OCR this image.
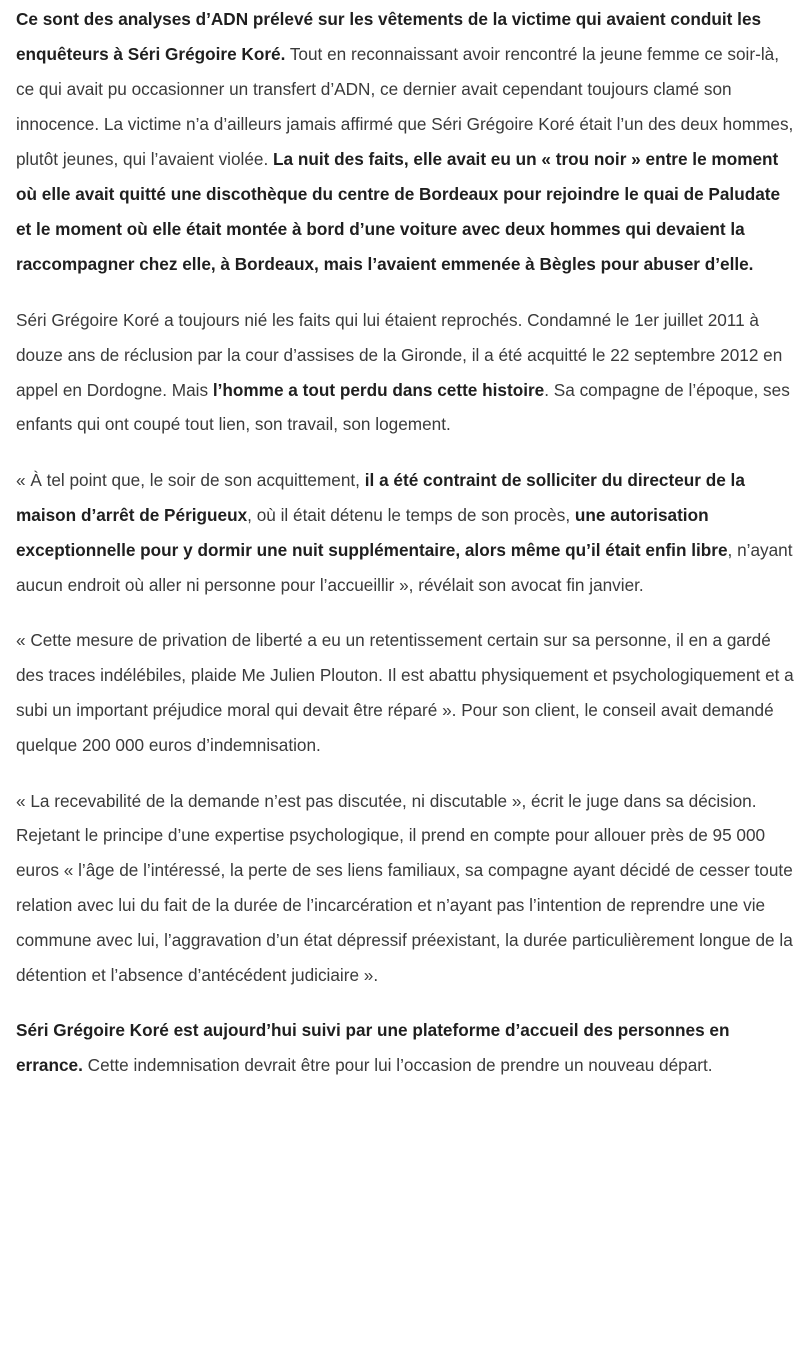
Ce sont des analyses d’ADN prélevé sur les vêtements de la victime qui avaient conduit les enquêteurs à Séri Grégoire Koré. Tout en reconnaissant avoir rencontré la jeune femme ce soir-là, ce qui avait pu occasionner un transfert d’ADN, ce dernier avait cependant toujours clamé son innocence. La victime n’a d’ailleurs jamais affirmé que Séri Grégoire Koré était l’un des deux hommes, plutôt jeunes, qui l’avaient violée. La nuit des faits, elle avait eu un « trou noir » entre le moment où elle avait quitté une discothèque du centre de Bordeaux pour rejoindre le quai de Paludate et le moment où elle était montée à bord d’une voiture avec deux hommes qui devaient la raccompagner chez elle, à Bordeaux, mais l’avaient emmenée à Bègles pour abuser d’elle.

Séri Grégoire Koré a toujours nié les faits qui lui étaient reprochés. Condamné le 1er juillet 2011 à douze ans de réclusion par la cour d’assises de la Gironde, il a été acquitté le 22 septembre 2012 en appel en Dordogne. Mais l’homme a tout perdu dans cette histoire. Sa compagne de l’époque, ses enfants qui ont coupé tout lien, son travail, son logement.

« À tel point que, le soir de son acquittement, il a été contraint de solliciter du directeur de la maison d’arrêt de Périgueux, où il était détenu le temps de son procès, une autorisation exceptionnelle pour y dormir une nuit supplémentaire, alors même qu’il était enfin libre, n’ayant aucun endroit où aller ni personne pour l’accueillir », révélait son avocat fin janvier.

« Cette mesure de privation de liberté a eu un retentissement certain sur sa personne, il en a gardé des traces indélébiles, plaide Me Julien Plouton. Il est abattu physiquement et psychologiquement et a subi un important préjudice moral qui devait être réparé ». Pour son client, le conseil avait demandé quelque 200 000 euros d’indemnisation.

« La recevabilité de la demande n’est pas discutée, ni discutable », écrit le juge dans sa décision. Rejetant le principe d’une expertise psychologique, il prend en compte pour allouer près de 95 000 euros « l’âge de l’intéressé, la perte de ses liens familiaux, sa compagne ayant décidé de cesser toute relation avec lui du fait de la durée de l’incarcération et n’ayant pas l’intention de reprendre une vie commune avec lui, l’aggravation d’un état dépressif préexistant, la durée particulièrement longue de la détention et l’absence d’antécédent judiciaire ».

Séri Grégoire Koré est aujourd’hui suivi par une plateforme d’accueil des personnes en errance. Cette indemnisation devrait être pour lui l’occasion de prendre un nouveau départ.
